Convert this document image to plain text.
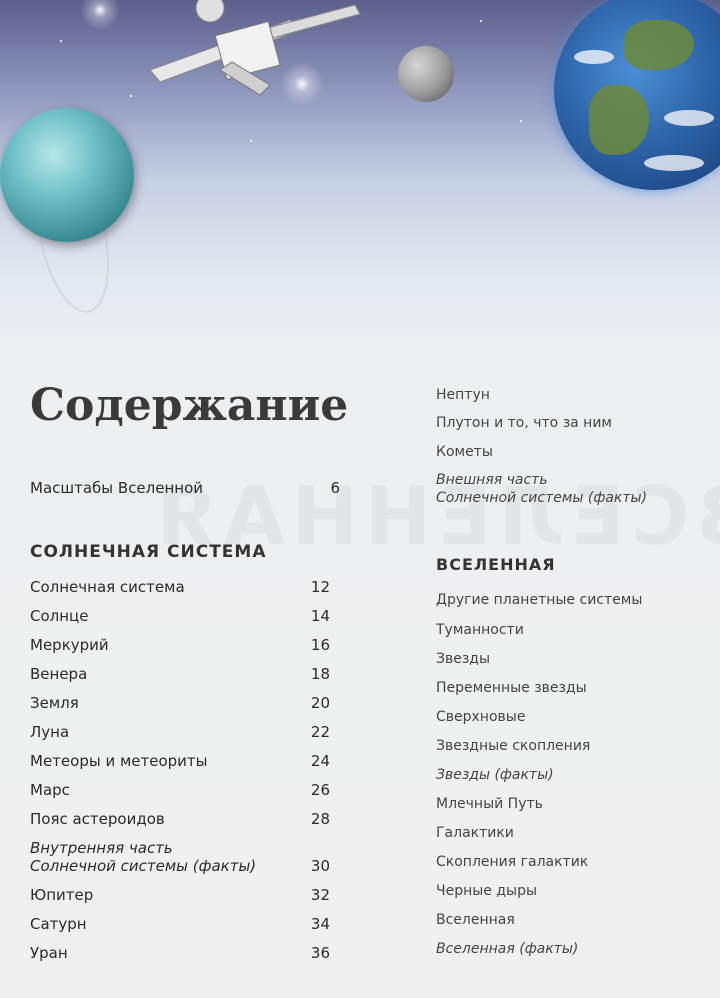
Содержание
Масштабы Вселенной	6
СОЛНЕЧНАЯ СИСТЕМА
Солнечная система	12
Солнце	14
Меркурий	16
Венера	18
Земля	20
Луна	22
Метеоры и метеориты	24
Марс	26
Пояс астероидов	28
Внутренняя часть
Солнечной системы (факты)	30
Юпитер	32
Сатурн	34
Уран	36
Нептун
Плутон и то, что за ним
Кометы
Внешняя часть
Солнечной системы (факты)
ВСЕЛЕННАЯ
Другие планетные системы
Туманности
Звезды
Переменные звезды
Сверхновые
Звездные скопления
Звезды (факты)
Млечный Путь
Галактики
Скопления галактик
Черные дыры
Вселенная
Вселенная (факты)
